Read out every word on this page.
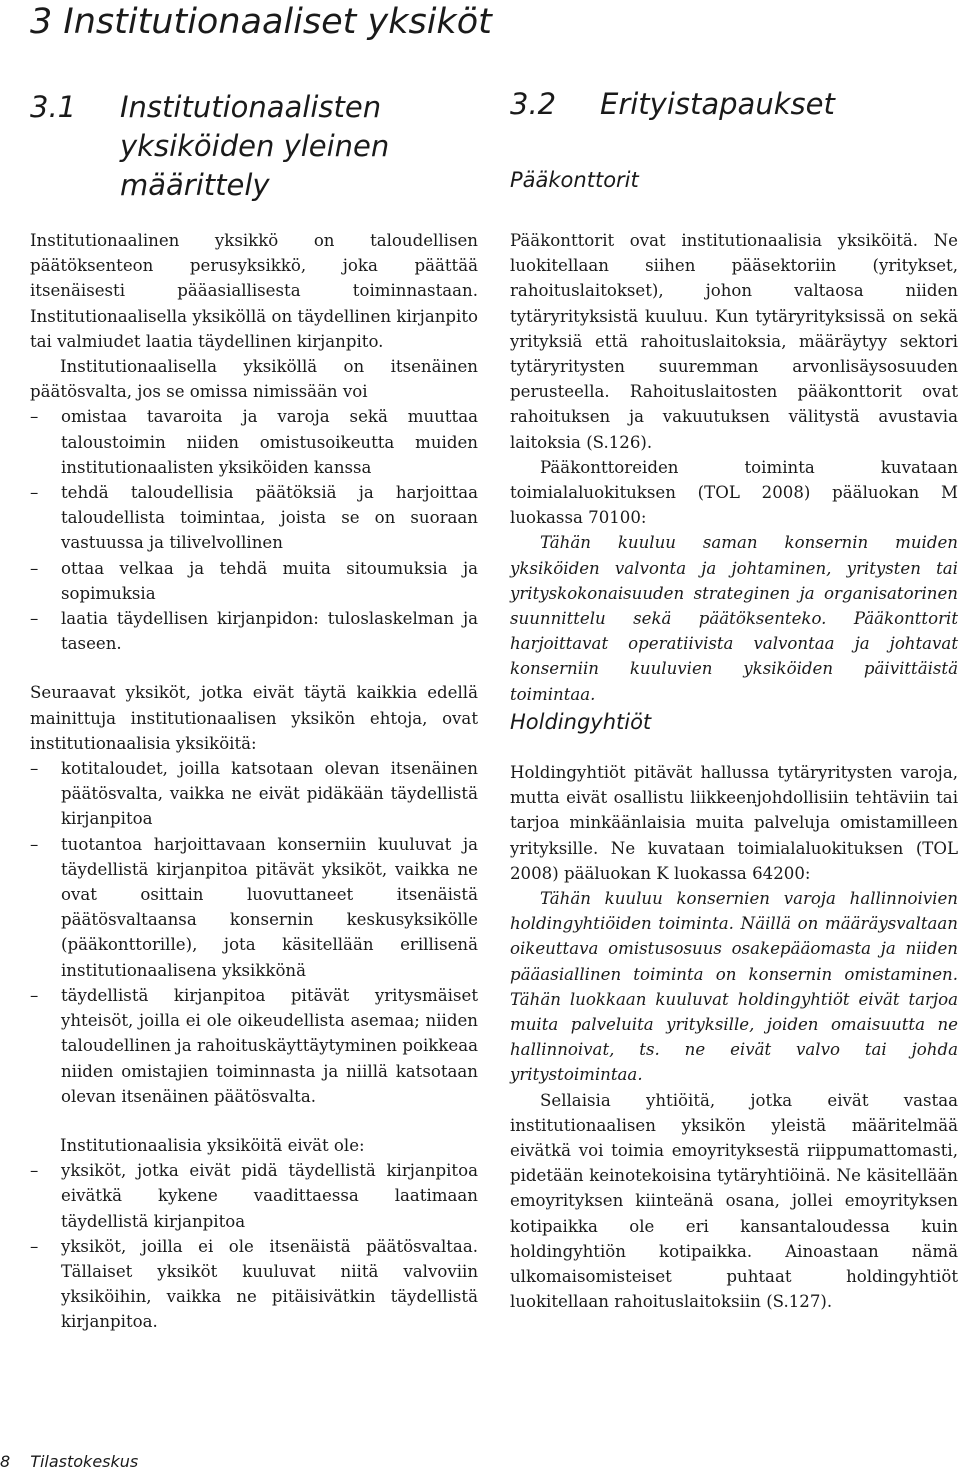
3 Institutionaaliset yksiköt
3.1 Institutionaalisten yksiköiden yleinen määrittely

Institutionaalinen yksikkö on taloudellisen päätöksenteon perusyksikkö, joka päättää itsenäisesti pääasiallisesta toiminnastaan. Institutionaalisella yksiköllä on täydellinen kirjanpito tai valmiudet laatia täydellinen kirjanpito.

Institutionaalisella yksiköllä on itsenäinen päätösvalta, jos se omissa nimissään voi

– omistaa tavaroita ja varoja sekä muuttaa taloustoimin niiden omistusoikeutta muiden institutionaalisten yksiköiden kanssa
– tehdä taloudellisia päätöksiä ja harjoittaa taloudellista toimintaa, joista se on suoraan vastuussa ja tilivelvollinen
– ottaa velkaa ja tehdä muita sitoumuksia ja sopimuksia
– laatia täydellisen kirjanpidon: tuloslaskelman ja taseen.

Seuraavat yksiköt, jotka eivät täytä kaikkia edellä mainittuja institutionaalisen yksikön ehtoja, ovat institutionaalisia yksiköitä:

– kotitaloudet, joilla katsotaan olevan itsenäinen päätösvalta, vaikka ne eivät pidäkään täydellistä kirjanpitoa
– tuotantoa harjoittavaan konserniin kuuluvat ja täydellistä kirjanpitoa pitävät yksiköt, vaikka ne ovat osittain luovuttaneet itsenäistä päätösvaltaansa konsernin keskusyksikölle (pääkonttorille), jota käsitellään erillisenä institutionaalisena yksikkönä
– täydellistä kirjanpitoa pitävät yritysmäiset yhteisöt, joilla ei ole oikeudellista asemaa; niiden taloudellinen ja rahoituskäyttäytyminen poikkeaa niiden omistajien toiminnasta ja niillä katsotaan olevan itsenäinen päätösvalta.

Institutionaalisia yksiköitä eivät ole:

– yksiköt, jotka eivät pidä täydellistä kirjanpitoa eivätkä kykene vaadittaessa laatimaan täydellistä kirjanpitoa
– yksiköt, joilla ei ole itsenäistä päätösvaltaa. Tällaiset yksiköt kuuluvat niitä valvoviin yksiköihin, vaikka ne pitäisivätkin täydellistä kirjanpitoa.
3.2 Erityistapaukset
Pääkonttorit

Pääkonttorit ovat institutionaalisia yksiköitä. Ne luokitellaan siihen pääsektoriin (yritykset, rahoituslaitokset), johon valtaosa niiden tytäryrityksistä kuuluu. Kun tytäryrityksissä on sekä yrityksiä että rahoituslaitoksia, määräytyy sektori tytäryritysten suuremman arvonlisäysosuuden perusteella. Rahoituslaitosten pääkonttorit ovat rahoituksen ja vakuutuksen välitystä avustavia laitoksia (S.126).

Pääkonttoreiden toiminta kuvataan toimialaluokituksen (TOL 2008) pääluokan M luokassa 70100:

Tähän kuuluu saman konsernin muiden yksiköiden valvonta ja johtaminen, yritysten tai yrityskokonaisuuden strateginen ja organisatorinen suunnittelu sekä päätöksenteko. Pääkonttorit harjoittavat operatiivista valvontaa ja johtavat konserniin kuuluvien yksiköiden päivittäistä toimintaa.

Holdingyhtiöt

Holdingyhtiöt pitävät hallussa tytäryritysten varoja, mutta eivät osallistu liikkeenjohdollisiin tehtäviin tai tarjoa minkäänlaisia muita palveluja omistamilleen yrityksille. Ne kuvataan toimialaluokituksen (TOL 2008) pääluokan K luokassa 64200:

Tähän kuuluu konsernien varoja hallinnoivien holdingyhtiöiden toiminta. Näillä on määräysvaltaan oikeuttava omistusosuus osakepääomasta ja niiden pääasiallinen toiminta on konsernin omistaminen. Tähän luokkaan kuuluvat holdingyhtiöt eivät tarjoa muita palveluita yrityksille, joiden omaisuutta ne hallinnoivat, ts. ne eivät valvo tai johda yritystoimintaa.

Sellaisia yhtiöitä, jotka eivät vastaa institutionaalisen yksikön yleistä määritelmää eivätkä voi toimia emoyrityksestä riippumattomasti, pidetään keinotekoisina tytäryhtiöinä. Ne käsitellään emoyrityksen kiinteänä osana, jollei emoyrityksen kotipaikka ole eri kansantaloudessa kuin holdingyhtiön kotipaikka. Ainoastaan nämä ulkomaisomisteiset puhtaat holdingyhtiöt luokitellaan rahoituslaitoksiin (S.127).

8 Tilastokeskus
